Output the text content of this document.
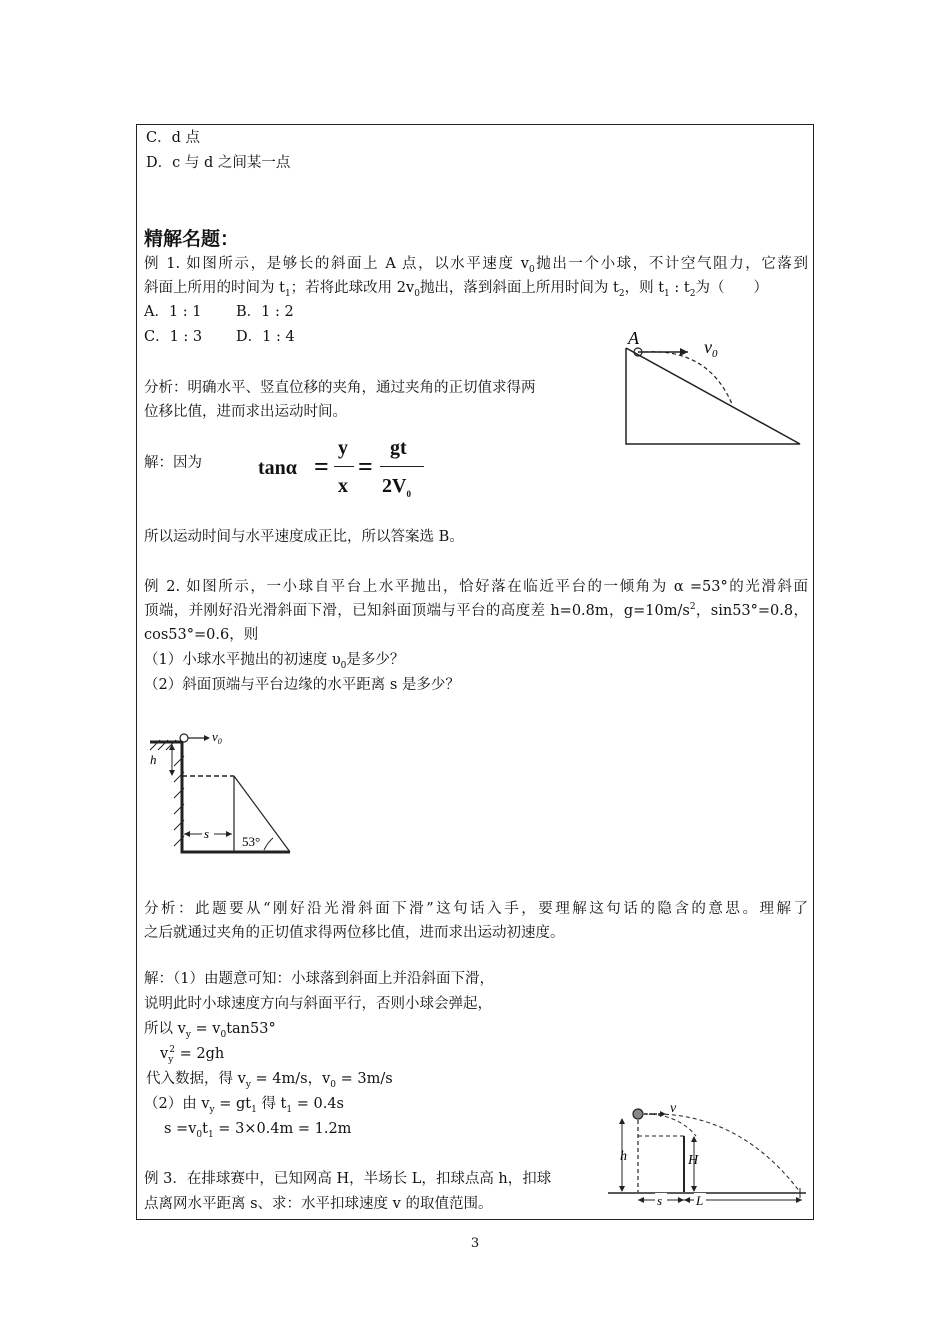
C．d 点
D．c 与 d 之间某一点
精解名题：
例 1. 如图所示，是够长的斜面上 A 点，以水平速度 $v_0$抛出一个小球，不计空气阻力，它落到
斜面上所用的时间为 $t_1$；若将此球改用 $2v_0$抛出，落到斜面上所用时间为 $t_2$，则 $t_1$ : $t_2$为（　　）
A．1 : 1 B．1 : 2
C．1 : 3 D．1 : 4	A	$v_0$
分析：明确水平、竖直位移的夹角，通过夹角的正切值求得两
位移比值，进而求出运动时间。
解：因为	tanα =
y
x
=
gt
$2V_0$
所以运动时间与水平速度成正比，所以答案选 B。
例 2. 如图所示，一小球自平台上水平抛出，恰好落在临近平台的一倾角为 α =53°的光滑斜面
顶端，并刚好沿光滑斜面下滑，已知斜面顶端与平台的高度差 h=0.8m，$g=10m/s^2$，sin53°=0.8，
cos53°=0.6，则
（1）小球水平抛出的初速度 $\upsilon_0$是多少？
（2）斜面顶端与平台边缘的水平距离 s 是多少？
$v_0$
h
s
53°
分析：此题要从“刚好沿光滑斜面下滑”这句话入手，要理解这句话的隐含的意思。理解了
之后就通过夹角的正切值求得两位移比值，进而求出运动初速度。
解：（1）由题意可知：小球落到斜面上并沿斜面下滑，
说明此时小球速度方向与斜面平行，否则小球会弹起，
所以 $v_y = v_0\tan 53^\circ$
$v_y^2 = 2gh$
代入数据，得 $v_y = 4m/s$，$v_0 = 3m/s$
（2）由 $v_y = gt_1$ 得 $t_1 = 0.4s$
$s =v_0t_1 = 3\times 0.4m = 1.2m$
例 3．在排球赛中，已知网高 H，半场长 L，扣球点高 h，扣球
点离网水平距离 s、求：水平扣球速度 v 的取值范围。
v
h	H
s	L
3
